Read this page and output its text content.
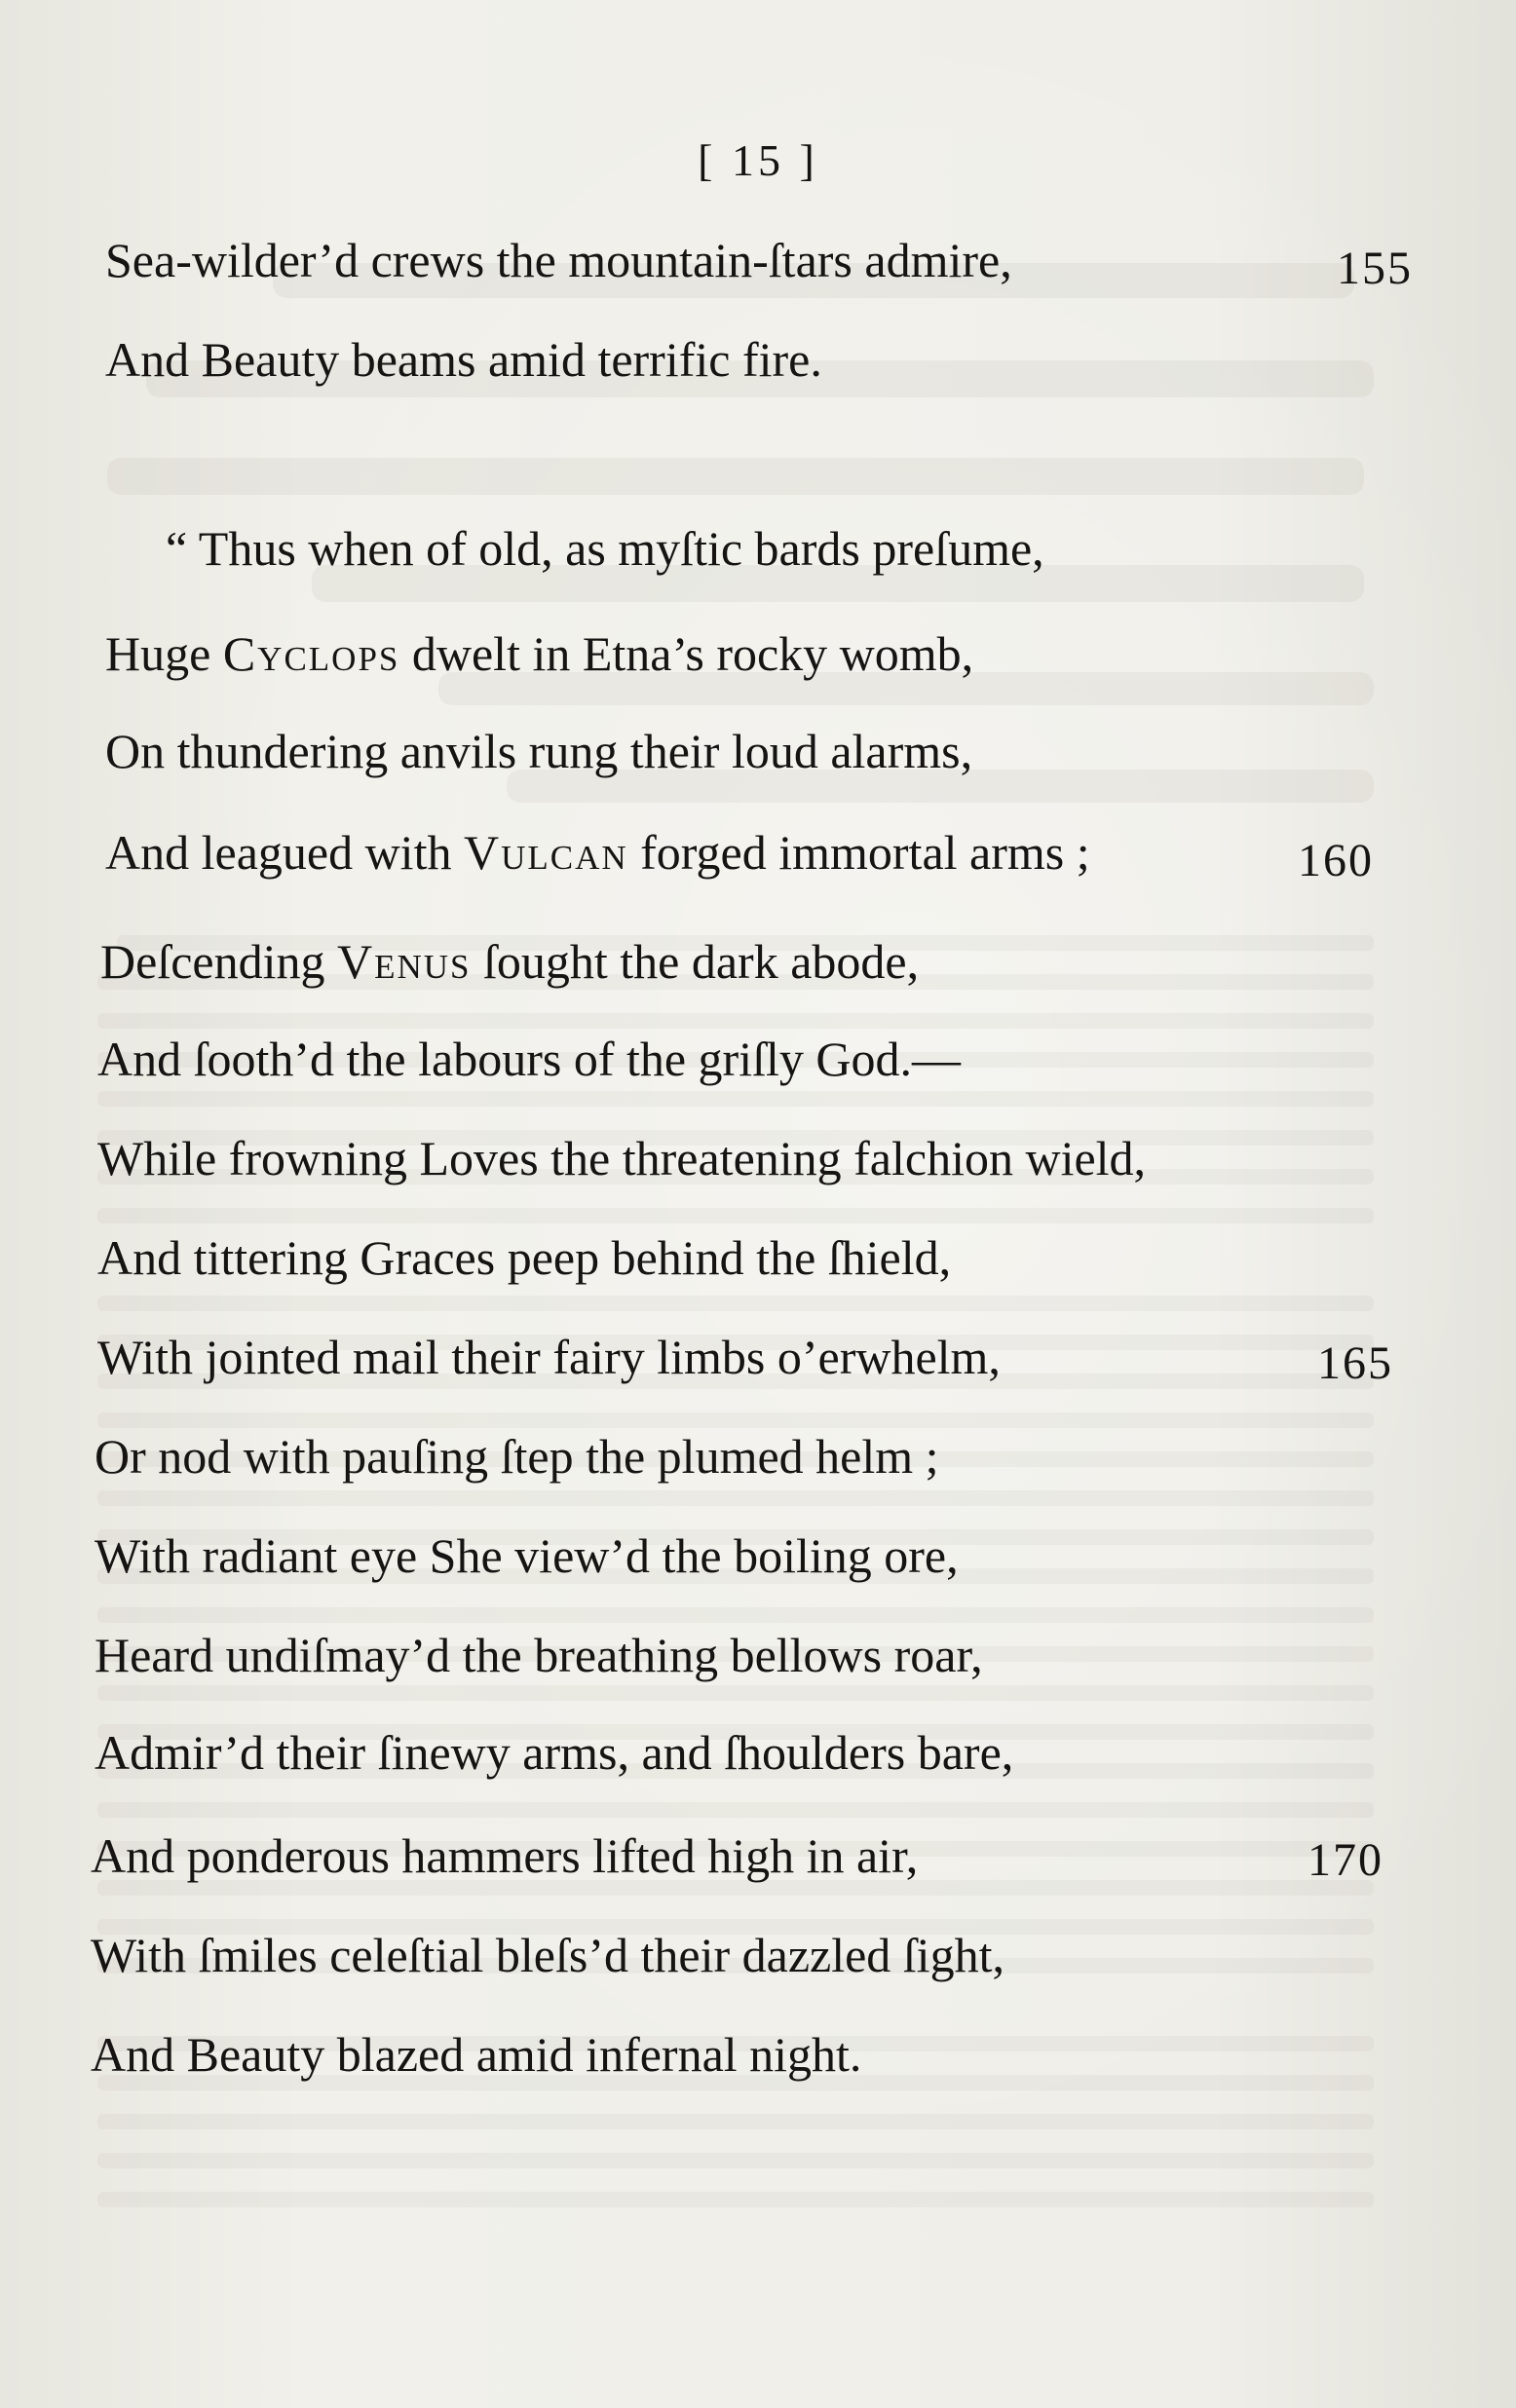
[ 15 ]
Sea-wilder’d crews the mountain-ſtars admire,	155
And Beauty beams amid terrific fire.
“ Thus when of old, as myſtic bards preſume,
Huge Cyclops dwelt in Etna’s rocky womb,
On thundering anvils rung their loud alarms,
And leagued with Vulcan forged immortal arms ;	160
Deſcending Venus ſought the dark abode,
And ſooth’d the labours of the griſly God.—
While frowning Loves the threatening falchion wield,
And tittering Graces peep behind the ſhield,
With jointed mail their fairy limbs o’erwhelm,	165
Or nod with pauſing ſtep the plumed helm ;
With radiant eye She view’d the boiling ore,
Heard undiſmay’d the breathing bellows roar,
Admir’d their ſinewy arms, and ſhoulders bare,
And ponderous hammers lifted high in air,	170
With ſmiles celeſtial bleſs’d their dazzled ſight,
And Beauty blazed amid infernal night.
